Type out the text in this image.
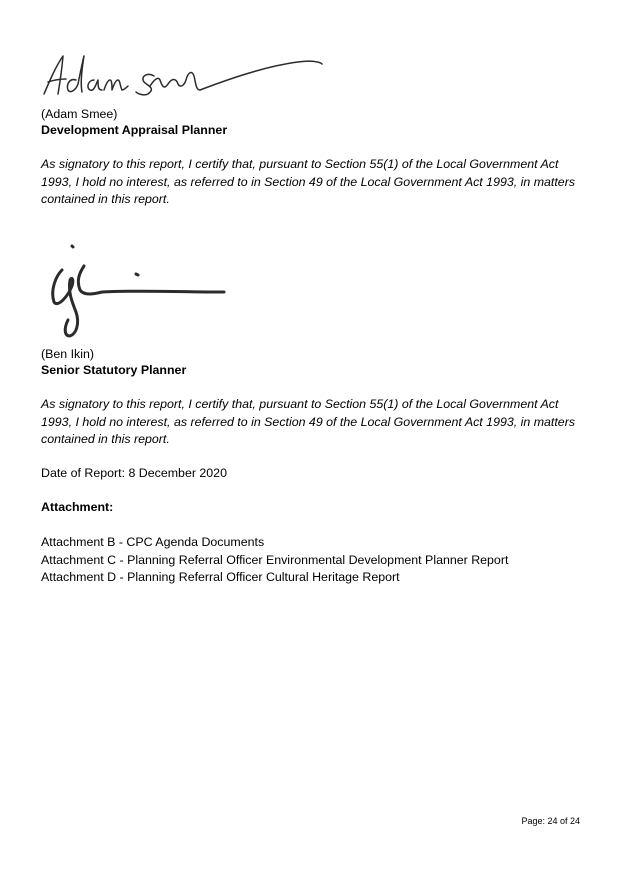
(Adam Smee)
Development Appraisal Planner

As signatory to this report, I certify that, pursuant to Section 55(1) of the Local Government Act
1993, I hold no interest, as referred to in Section 49 of the Local Government Act 1993, in matters
contained in this report.

(Ben Ikin)
Senior Statutory Planner

As signatory to this report, I certify that, pursuant to Section 55(1) of the Local Government Act
1993, I hold no interest, as referred to in Section 49 of the Local Government Act 1993, in matters
contained in this report.

Date of Report: 8 December 2020
Attachment:
Attachment B - CPC Agenda Documents
Attachment C - Planning Referral Officer Environmental Development Planner Report
Attachment D - Planning Referral Officer Cultural Heritage Report
Page: 24 of 24
